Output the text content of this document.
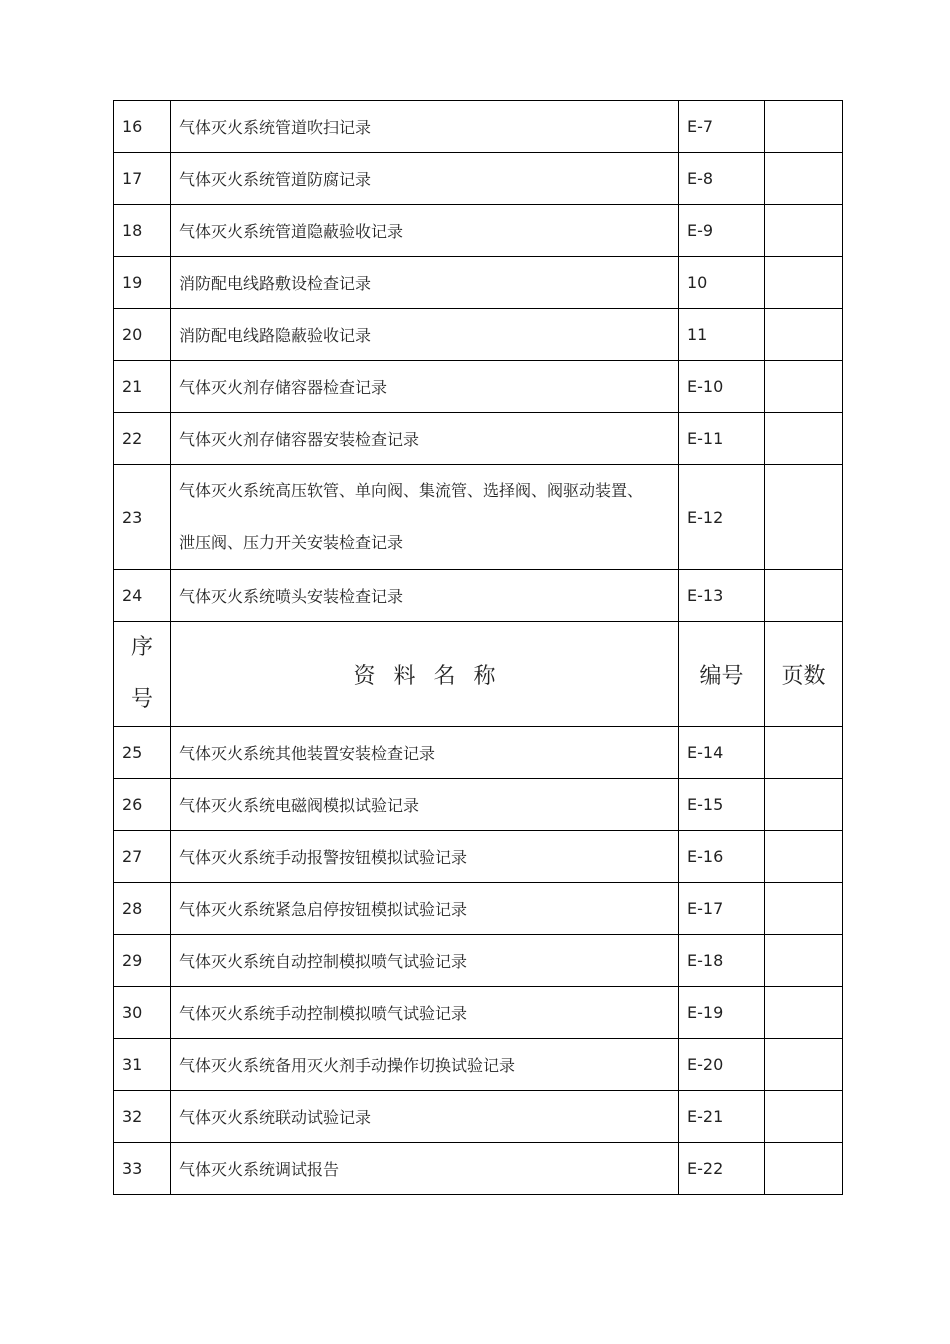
16	气体灭火系统管道吹扫记录	E-7	
17	气体灭火系统管道防腐记录	E-8	
18	气体灭火系统管道隐蔽验收记录	E-9	
19	消防配电线路敷设检查记录	10	
20	消防配电线路隐蔽验收记录	11	
21	气体灭火剂存储容器检查记录	E-10	
22	气体灭火剂存储容器安装检查记录	E-11	
23	气体灭火系统高压软管、单向阀、集流管、选择阀、阀驱动装置、
泄压阀、压力开关安装检查记录	E-12	
24	气体灭火系统喷头安装检查记录	E-13	

序
号	资料名称	编号	页数
25	气体灭火系统其他装置安装检查记录	E-14	
26	气体灭火系统电磁阀模拟试验记录	E-15	
27	气体灭火系统手动报警按钮模拟试验记录	E-16	
28	气体灭火系统紧急启停按钮模拟试验记录	E-17	
29	气体灭火系统自动控制模拟喷气试验记录	E-18	
30	气体灭火系统手动控制模拟喷气试验记录	E-19	
31	气体灭火系统备用灭火剂手动操作切换试验记录	E-20	
32	气体灭火系统联动试验记录	E-21	
33	气体灭火系统调试报告	E-22	
